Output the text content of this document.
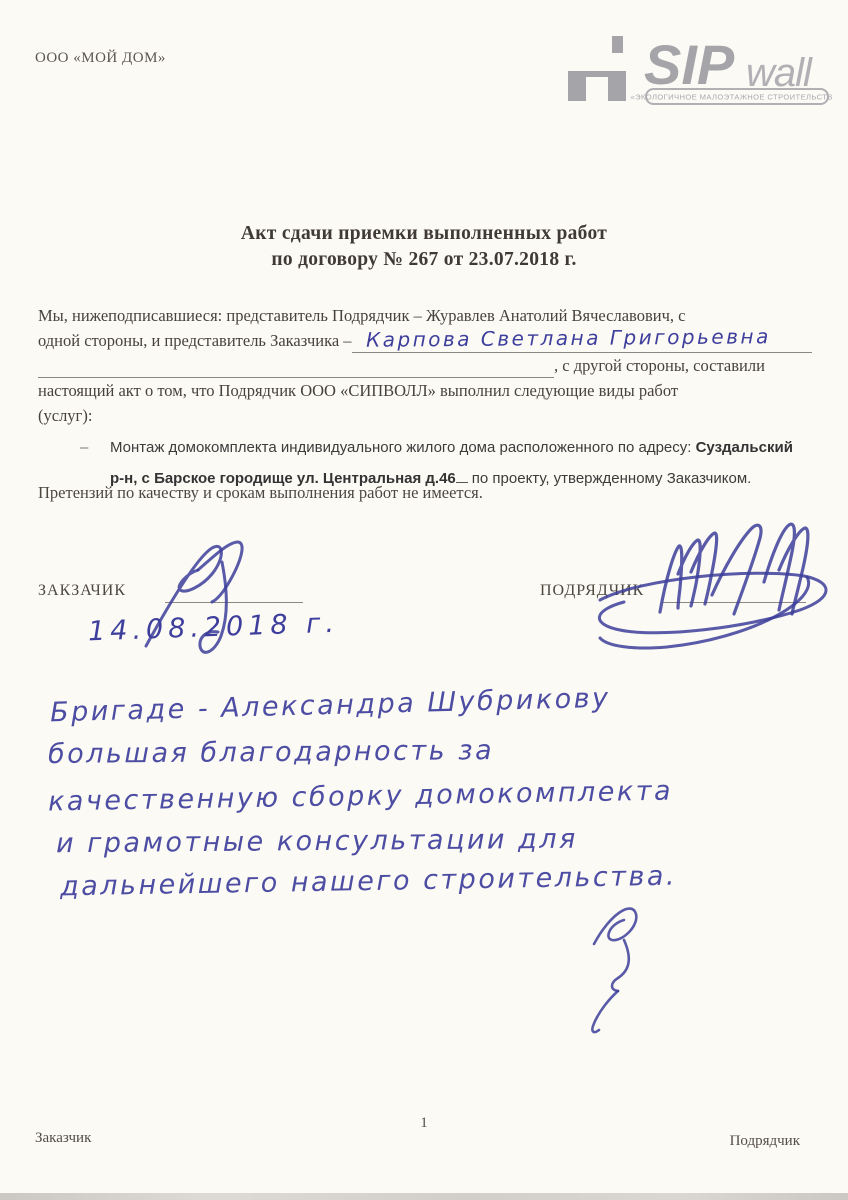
ООО «МОЙ ДОМ»	SIP wall
«ЭКОЛОГИЧНОЕ МАЛОЭТАЖНОЕ СТРОИТЕЛЬСТВО»
Акт сдачи приемки выполненных работ
по договору № 267 от 23.07.2018 г.
Мы, нижеподписавшиеся: представитель Подрядчик – Журавлев Анатолий Вячеславович, с
одной стороны, и представитель Заказчика – Карпова Светлана Григорьевна
, с другой стороны, составили
настоящий акт о том, что Подрядчик ООО «СИПВОЛЛ» выполнил следующие виды работ
(услуг):
–	Монтаж домокомплекта индивидуального жилого дома расположенного по адресу: Суздальский
р-н, с Барское городище ул. Центральная д.46 по проекту, утвержденному Заказчиком.
Претензий по качеству и срокам выполнения работ не имеется.
ЗАКЗАЧИК	ПОДРЯДЧИК
14.08.2018 г.
Бригаде - Александра Шубрикову
большая благодарность за
качественную сборку домокомплекта
и грамотные консультации для
дальнейшего нашего строительства.
1
Заказчик	Подрядчик
